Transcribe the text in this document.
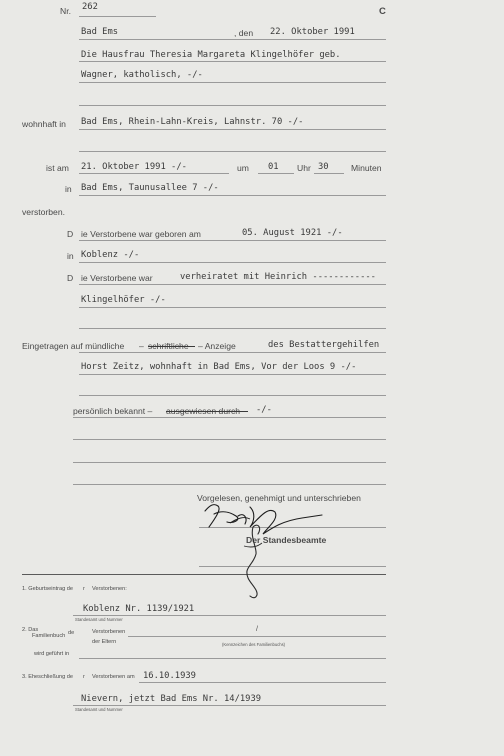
Nr. 262	C
Bad Ems	, den 22. Oktober 1991
Die Hausfrau Theresia Margareta Klingelhöfer geb.
Wagner, katholisch, -/-
wohnhaft in Bad Ems, Rhein-Lahn-Kreis, Lahnstr. 70 -/-
ist am 21. Oktober 1991 -/-	um 01 Uhr 30	Minuten
in Bad Ems, Taunusallee 7 -/-
verstorben.
D ie Verstorbene war geboren am	05. August 1921 -/-
in Koblenz -/-
D ie Verstorbene war	verheiratet mit Heinrich ------------
Klingelhöfer -/-
Eingetragen auf mündliche – schriftliche – Anzeige	des Bestattergehilfen
Horst Zeitz, wohnhaft in Bad Ems, Vor der Loos 9 -/-
persönlich bekannt – ausgewiesen durch -/-
Vorgelesen, genehmigt und unterschrieben
Der Standesbeamte
1. Geburtseintrag de r Verstorbenen:
Koblenz Nr. 1139/1921
Standesamt und Nummer
2. Das
Familienbuch de	Verstorbenen	/
der Eltern	(Kennzeichen des Familienbuchs)
wird geführt in
3. Eheschließung de r Verstorbenen am 16.10.1939
Nievern, jetzt Bad Ems Nr. 14/1939
Standesamt und Nummer
